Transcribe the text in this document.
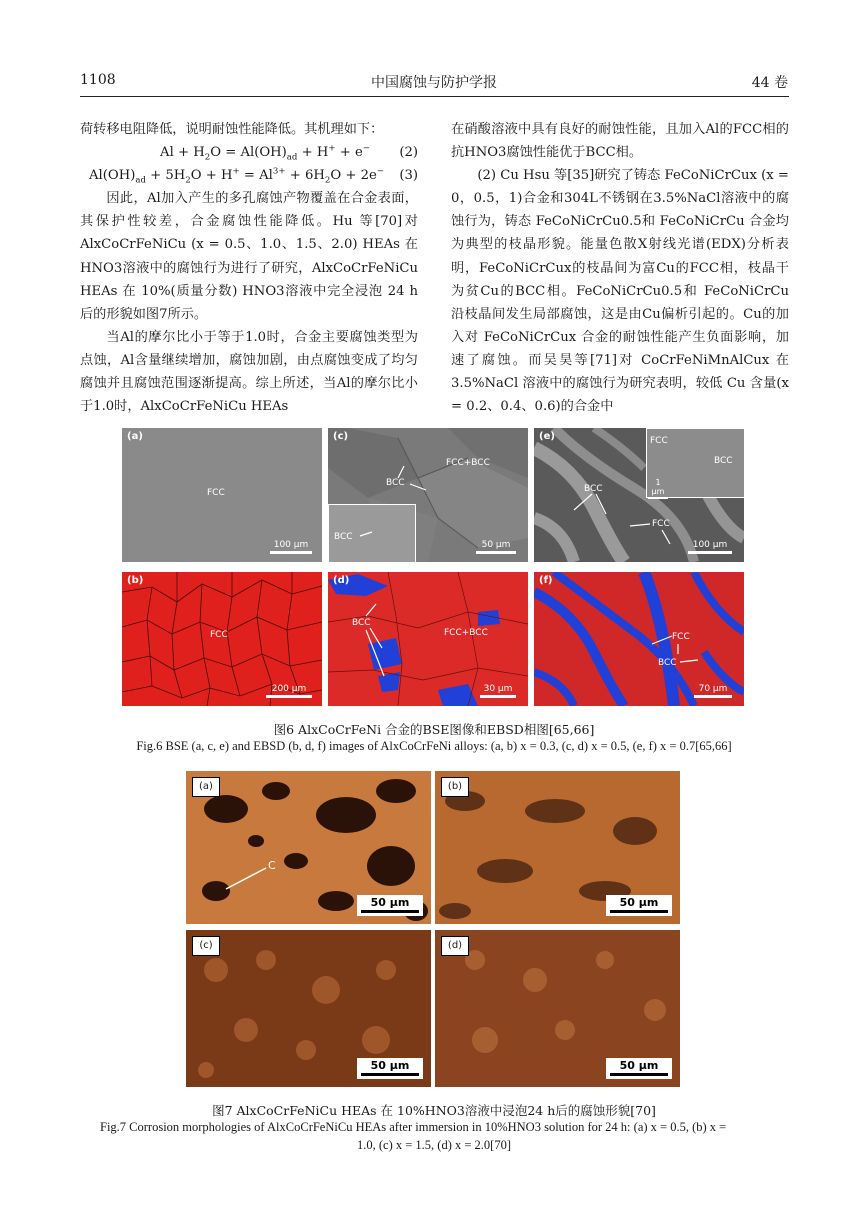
1108	中国腐蚀与防护学报	44 卷

荷转移电阻降低，说明耐蚀性能降低。其机理如下：

$Al + H_2O = Al(OH)_{ad} + H^+ + e^-$ (2)

$Al(OH)_{ad} + 5H_2O + H^+ = Al^{3+} + 6H_2O + 2e^-$ (3)

因此，Al加入产生的多孔腐蚀产物覆盖在合金表面，其保护性较差，合金腐蚀性能降低。Hu 等[70]对 AlxCoCrFeNiCu (x = 0.5、1.0、1.5、2.0) HEAs 在 HNO3溶液中的腐蚀行为进行了研究，AlxCoCrFeNiCu HEAs 在 10%(质量分数) HNO3溶液中完全浸泡 24 h 后的形貌如图7所示。

当Al的摩尔比小于等于1.0时，合金主要腐蚀类型为点蚀，Al含量继续增加，腐蚀加剧，由点腐蚀变成了均匀腐蚀并且腐蚀范围逐渐提高。综上所述，当Al的摩尔比小于1.0时，AlxCoCrFeNiCu HEAs

在硝酸溶液中具有良好的耐蚀性能，且加入Al的FCC相的抗HNO3腐蚀性能优于BCC相。

(2) Cu Hsu 等[35]研究了铸态 FeCoNiCrCux (x = 0，0.5，1)合金和304L不锈钢在3.5%NaCl溶液中的腐蚀行为，铸态 FeCoNiCrCu0.5和 FeCoNiCrCu 合金均为典型的枝晶形貌。能量色散X射线光谱(EDX)分析表明，FeCoNiCrCux的枝晶间为富Cu的FCC相，枝晶干为贫Cu的BCC相。FeCoNiCrCu0.5和 FeCoNiCrCu 沿枝晶间发生局部腐蚀，这是由Cu偏析引起的。Cu的加入对 FeCoNiCrCux 合金的耐蚀性能产生负面影响，加速了腐蚀。而吴昊等[71]对 CoCrFeNiMnAlCux 在 3.5%NaCl 溶液中的腐蚀行为研究表明，较低 Cu 含量(x = 0.2、0.4、0.6)的合金中

(a)
FCC
100 μm
(c)
FCC+BCC
BCC
BCC
50 μm
(e)
BCC
FCC
FCC
BCC
1 μm
100 μm
(b)
FCC
200 μm
(d)
BCC
FCC+BCC
30 μm
(f)
FCC
BCC
70 μm
图6 AlxCoCrFeNi 合金的BSE图像和EBSD相图[65,66]
Fig.6 BSE (a, c, e) and EBSD (b, d, f) images of AlxCoCrFeNi alloys: (a, b) x = 0.3, (c, d) x = 0.5, (e, f) x = 0.7[65,66]
(a)
C
50 μm
(b)
50 μm
(c)
50 μm
(d)
50 μm
图7 AlxCoCrFeNiCu HEAs 在 10%HNO3溶液中浸泡24 h后的腐蚀形貌[70]
Fig.7 Corrosion morphologies of AlxCoCrFeNiCu HEAs after immersion in 10%HNO3 solution for 24 h: (a) x = 0.5, (b) x =
1.0, (c) x = 1.5, (d) x = 2.0[70]
